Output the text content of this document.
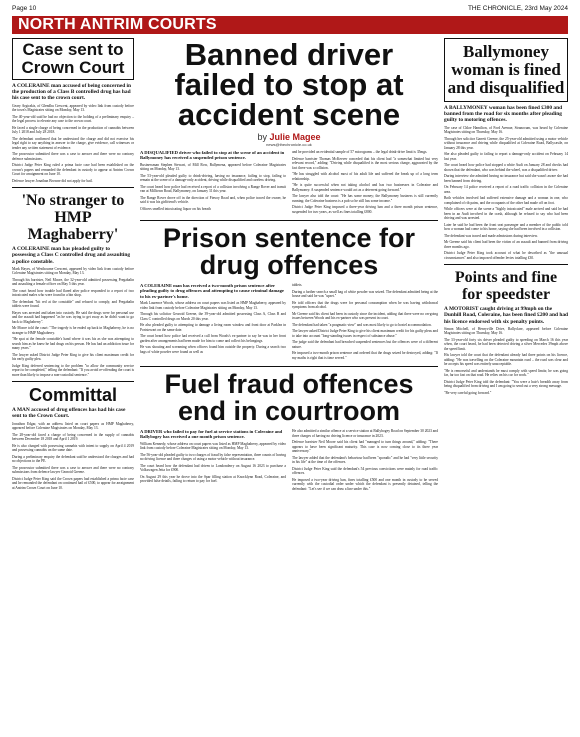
Page 10	THE CHRONICLE, 23rd May 2024
NORTH ANTRIM COURTS
Case sent to Crown Court

A COLERAINE man accused of being concerned in the production of a Class B controlled drug has had his case sent to the crown court.

Geary Argirakis, of Glendhu Crescent, appeared by video link from custody before the town's Magistrates sitting on Monday, May 13.

The 40-year-old said he had no objection to the holding of a preliminary enquiry – the legal process to elevate any case to the crown court.

He faced a single charge of being concerned in the production of cannabis between July 1 2018 and July 28 2018.

The defendant confirmed that he understood the charge and did not exercise his legal right to say anything in answer to the charge, give evidence, call witnesses or tender any written statement of evidence.

The prosecutor submitted there was a case to answer and there were no contrary defence submissions.

District Judge Peter King ruled a prima facie case had been established on the crown's papers and remanded the defendant in custody to appear at Antrim Crown Court for arraignment on June 10.

Defence lawyer Jonathan Browne did not apply for bail.

'No stranger to HMP Maghaberry'

A COLERAINE man has pleaded guilty to possessing a Class C controlled drug and assaulting a police constable.

Mark Hayes, of Westbourne Crescent, appeared by video link from custody before Coleraine Magistrates sitting on Monday, May 13.

Through his barrister, Neil Moore, the 32-year-old admitted possessing Pregabalin and assaulting a female officer on May 5 this year.

The court heard how trouble had flared after police responded to a report of two intoxicated males who were found in a bin shop.

The defendant "bit red at the constable" and refused to comply, and Pregabalin tablets were found.

Hayes was arrested and taken into custody. He said the drugs were for personal use and the assault had happened "as he was trying to get away as he didn't want to go back to Maghaberry".

Mr Moore told the court: "The tragedy is he ended up back in Maghaberry, he is no stranger to HMP Maghaberry.

"He spat at the female constable's hand where it was his as she was attempting to search him as he knew he had drugs on his person. He has had an addiction issue for many years."

The lawyer asked District Judge Peter King to give his client maximum credit for his early guilty plea.

Judge King deferred sentencing to the problem "to allow the community service report to be completed," telling the defendant: "If you avoid re-offending the court is more than likely to impose a non-custodial sentence."

Committal

A MAN accused of drug offences has had his case sent to the Crown Court.

Jonathon Edgar, with an address listed on court papers as HMP Maghaberry, appeared before Coleraine Magistrates on Monday, May 13.

The 28-year-old faced a charge of being concerned in the supply of cannabis between December 18 2018 and April 1 2019.

He is also charged with possessing cannabis with intent to supply on April 4 2019 and possessing cannabis on the same date.

During a preliminary enquiry the defendant said he understood the charges and had no objections to the PE.

The prosecutor submitted there was a case to answer and there were no contrary submissions from defence lawyer Gearoid Greene.

District Judge Peter King said the Crown papers had established a prima facie case and he remanded the defendant on continued bail of £500, to appear for arraignment at Antrim Crown Court on June 10.

Banned driver failed to stop at accident scene
by Julie Magee
news@thechronicle.co.uk

A DISQUALIFIED driver who failed to stop at the scene of an accident in Ballymoney has received a suspended prison sentence.

Businessman Stephen Stewart, of Mill Row, Ballymena, appeared before Coleraine Magistrates sitting on Monday, May 13.

The 53-year-old pleaded guilty to drink-driving, having no insurance, failing to stop, failing to remain at the scene of a damage-only accident, driving while disqualified and careless driving.

The court heard how police had received a report of a collision involving a Range Rover and transit van at Milltown Road, Ballymoney, on January 31 this year.

The Range Rover drove off in the direction of Finvoy Road and, when police traced the owner, he said it was his girlfriend's vehicle.

Officers smelled intoxicating liquor on his breath

and he provided an evidential sample of 57 micrograms – the legal drink-drive limit is 35mgs.

Defence barrister Thomas McKeever conceded that his client had "a somewhat limited but very relevant record," adding: "Driving while disqualified is the most serious charge, aggravated by the fact there was a collision.

"He has struggled with alcohol most of his adult life and suffered the break up of a long term relationship.

"He is quite successful when not taking alcohol and has two businesses in Coleraine and Ballymoney. A suspended sentence would act as a deterrent going forward."

The lawyer also told the court: "He has some money; the Ballymoney business is still currently running; the Coleraine business is a pub so he still has some income."

District Judge Peter King imposed a three-year driving ban and a three month prison sentence, suspended for two years, as well as fines totalling £800.

Prison sentence for drug offences

A COLERAINE man has received a two-month prison sentence after pleading guilty to drug offences and attempting to cause criminal damage to his ex-partner's home.

Mark Laurence Woods, whose address on court papers was listed as HMP Maghaberry, appeared by video link from custody before Coleraine Magistrates sitting on Monday, May 13.

Through his solicitor Gearoid Greene, the 39-year-old admitted possessing Class A, Class B and Class C controlled drugs on March 20 this year.

He also pleaded guilty to attempting to damage a living room window and front door at Parklea in Portstewart on the same date.

The court heard how police had received a call from Woods's ex-partner to say he was in her front garden after arrangements had been made for him to come and collect his belongings.

He was shouting and screaming when officers found him outside the property. During a search two bags of white powder were found as well as

tablets.

During a further search a small bag of white powder was seized. The defendant admitted being at the house and said he was "upset."

He told officers that the drugs were for personal consumption when he was having withdrawal symptoms from alcohol.

Mr Greene said his client had been in custody since the incident, adding that there were no on-going issues between Woods and his ex-partner who was present in court.

The defendant had taken "a pragmatic view" and was most likely to go to hostel accommodation.

The lawyer asked District Judge Peter King to give his client maximum credit for his guilty pleas and to take into account "long-standing issues in respect of substance abuse."

The judge said the defendant had breached suspended sentences but the offences were of a different nature.

He imposed a two-month prison sentence and ordered that the drugs seized be destroyed, adding: "If my maths is right that is time served."

Fuel fraud offences end in courtroom

A DRIVER who failed to pay for fuel at service stations in Coleraine and Ballybogey has received a one month prison sentence.

William Kennedy, whose address on court papers was listed as HMP Maghaberry, appeared by video link from custody before Coleraine Magistrates sitting on Monday, May 13.

The 56-year-old pleaded guilty to two charges of fraud by false representation, three counts of having no driving licence and three charges of using a motor vehicle without insurance.

The court heard how the defendant had driven to Londonderry on August 16 2023 to purchase a Volkswagen Jetta for £900.

On August 29 this year he drove into the Spar filling station at Knocklynn Road, Coleraine, and provided false details, failing to return to pay for fuel.

He also admitted a similar offence at a service station at Ballybogey Road on September 30 2023 and three charges of having no driving licence or insurance in 2023.

Defence barrister Neil Moore said his client had "managed to turn things around," adding: "There appears to have been significant maturity. This case is now coming close to its three year anniversary."

The lawyer added that the defendant's behaviour had been "sporadic" and he had "very little security in his life" at the time of the offences.

District Judge Peter King said the defendant's 54 previous convictions were mainly for road traffic offences.

He imposed a two-year driving ban, fines totalling £500 and one month in custody to be served currently with the custodial order under which the defendant is presently detained, telling the defendant: "Let's see if we can draw a line under this."

Ballymoney woman is fined and disqualified

A BALLYMONEY woman has been fined £300 and banned from the road for six months after pleading guilty to motoring offences.

The case of Chloe Hamilton, of Ford Avenue, Stranocum, was heard by Coleraine Magistrates sitting on Thursday, May 16.

Through her solicitor Garrett Greene, the 25-year-old admitted using a motor vehicle without insurance and driving while disqualified at Coleraine Road, Ballycastle, on January 28 this year.

She also pleaded guilty to failing to report a damage-only accident on February 14 last year.

The court heard how police had stopped a white Audi on January 28 and checks had shown that the defendant, who was behind the wheel, was a disqualified driver.

During interview she admitted having no insurance but said she wasn't aware she had been banned from driving.

On February 14 police received a report of a road traffic collision in the Coleraine area.

Both vehicles involved had suffered extensive damage and a woman in one, who complained of rib pains, and the occupants of the other had made off on foot.

While officers were at the scene a "highly intoxicated" male arrived and said he had been in an Audi involved in the crash, although he refused to say who had been driving and was arrested.

Later he said he had been the front seat passenger and a member of the public told how a woman had come to his home, saying she had been involved in a collision.

The defendant was traced and made admissions during interview.

Mr Greene said his client had been the victim of an assault and banned from driving three months ago.

District Judge Peter King took account of what he described as "the unusual circumstances" and also imposed offender levies totalling £30.

Points and fine for speedster

A MOTORIST caught driving at 99mph on the Dunhill Road, Coleraine, has been fined £200 and had his licence endorsed with six penalty points.

Simon Mitchell, of Henryville Drive, Ballyclare, appeared before Coleraine Magistrates sitting on Thursday, May 16.

The 33-year-old forty six driver pleaded guilty to speeding on March 16 this year when, the court heard, he had been detected driving a silver Mercedes 39mph above the speed limit.

His lawyer told the court that the defendant already had three points on his licence, adding: "He was travelling on the Coleraine mountain road – the road was clear and he accepts his speed was entirely unacceptable.

"He is remorseful and understands he must comply with speed limits; he was going far, far too fast on that road. He relies on his car for work."

District Judge Peter King told the defendant: "You were a hair's breadth away from being disqualified from driving and I am going to send out a very strong message.

"Be very careful going forward."
